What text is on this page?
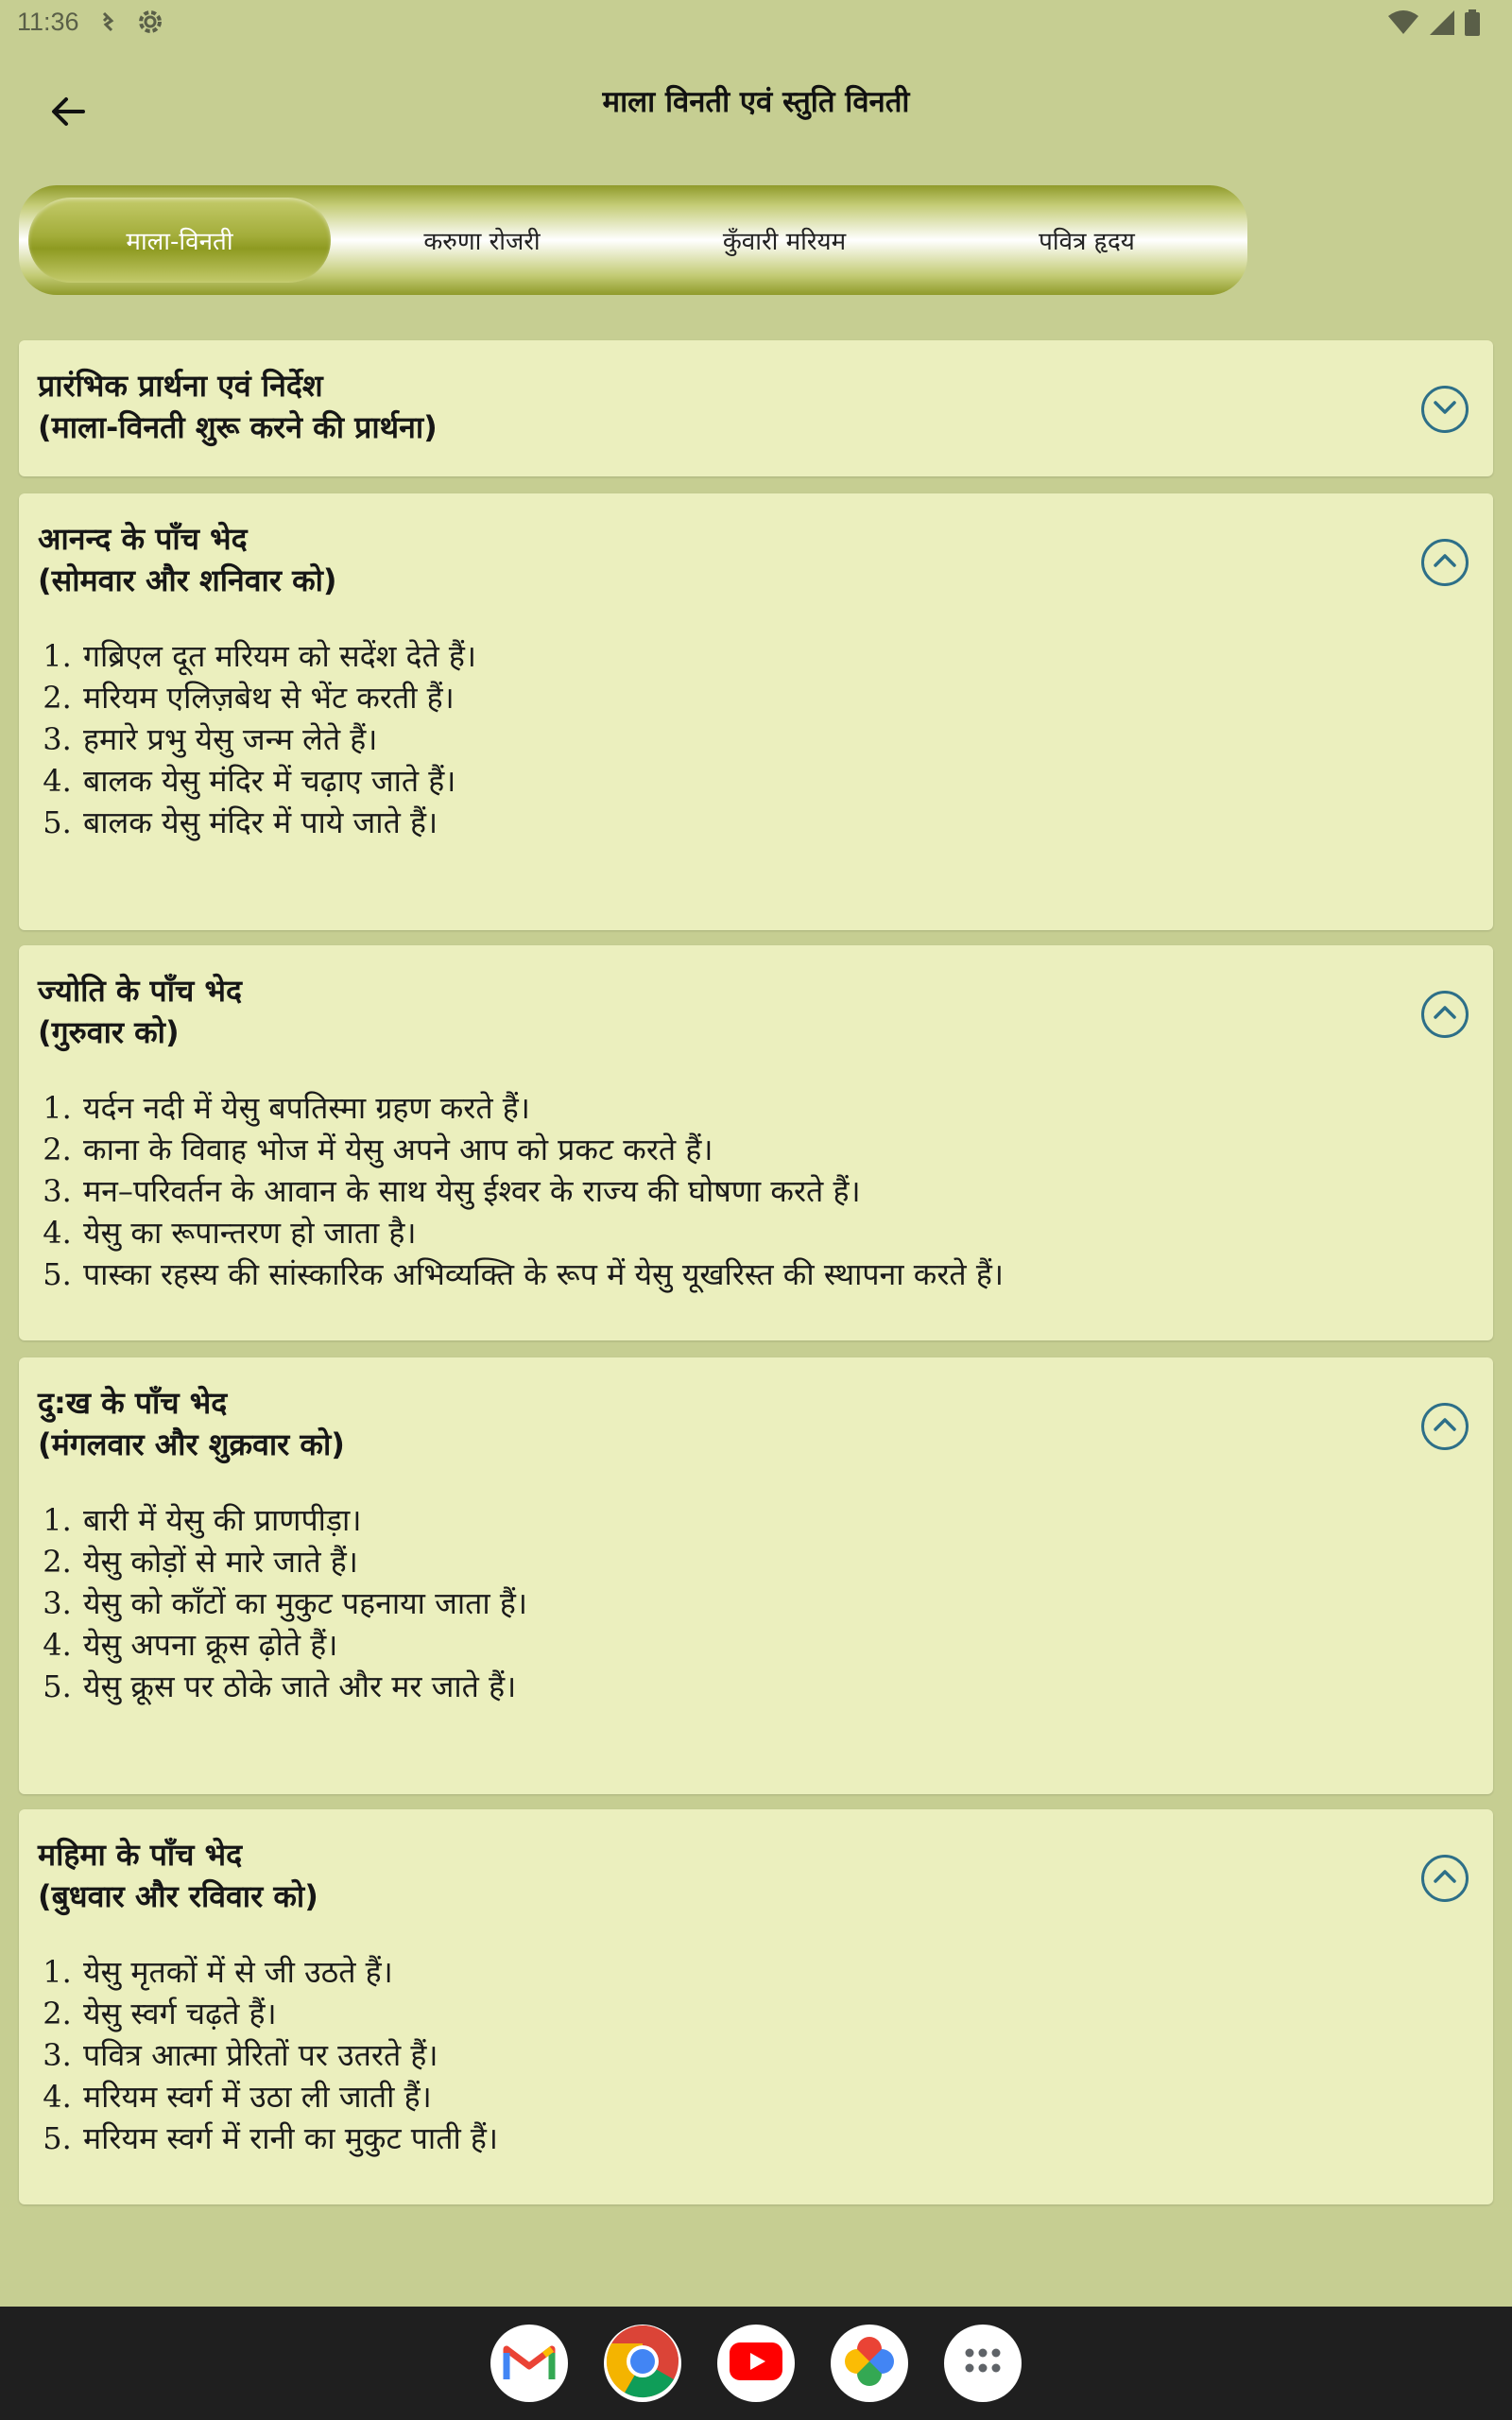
11:36
माला विनती एवं स्तुति विनती
माला-विनती	करुणा रोजरी	कुँवारी मरियम	पवित्र हृदय
प्रारंभिक प्रार्थना एवं निर्देश
(माला-विनती शुरू करने की प्रार्थना)
आनन्द के पाँच भेद
(सोमवार और शनिवार को)
1. गब्रिएल दूत मरियम को सदेंश देते हैं।
2. मरियम एलिज़बेथ से भेंट करती हैं।
3. हमारे प्रभु येसु जन्म लेते हैं।
4. बालक येसु मंदिर में चढ़ाए जाते हैं।
5. बालक येसु मंदिर में पाये जाते हैं।
ज्योति के पाँच भेद
(गुरुवार को)
1. यर्दन नदी में येसु बपतिस्मा ग्रहण करते हैं।
2. काना के विवाह भोज में येसु अपने आप को प्रकट करते हैं।
3. मन–परिवर्तन के आवान के साथ येसु ईश्वर के राज्य की घोषणा करते हैं।
4. येसु का रूपान्तरण हो जाता है।
5. पास्का रहस्य की सांस्कारिक अभिव्यक्ति के रूप में येसु यूखरिस्त की स्थापना करते हैं।
दु:ख के पाँच भेद
(मंगलवार और शुक्रवार को)
1. बारी में येसु की प्राणपीड़ा।
2. येसु कोड़ों से मारे जाते हैं।
3. येसु को काँटों का मुकुट पहनाया जाता हैं।
4. येसु अपना क्रूस ढ़ोते हैं।
5. येसु क्रूस पर ठोके जाते और मर जाते हैं।
महिमा के पाँच भेद
(बुधवार और रविवार को)
1. येसु मृतकों में से जी उठते हैं।
2. येसु स्वर्ग चढ़ते हैं।
3. पवित्र आत्मा प्रेरितों पर उतरते हैं।
4. मरियम स्वर्ग में उठा ली जाती हैं।
5. मरियम स्वर्ग में रानी का मुकुट पाती हैं।
